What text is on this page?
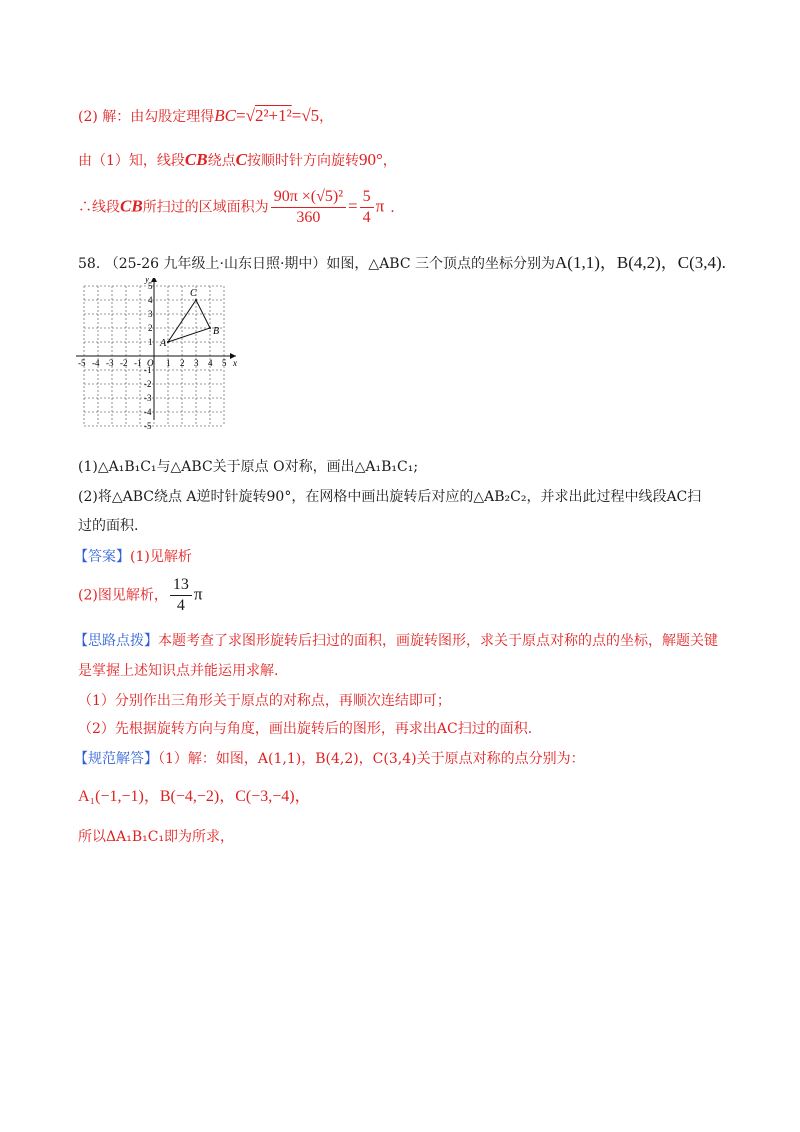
(2) 解：由勾股定理得BC=√2²+1²=√5，
由（1）知，线段CB绕点C按顺时针方向旋转90°，
∴线段CB所扫过的区域面积为 $\frac{\text{90π ×(√5)²}}{360} = \frac{5}{4}$ π .
58. （25-26 九年级上·山东日照·期中）如图，△ABC 三个顶点的坐标分别为A(1,1)，B(4,2)，C(3,4).
x
y
O
-5 -4 -3 -2 -1	1 2 3 4 5
5
4
3
2
1
-1
-2
-3
-4
-5
A
B
C
(1)△A₁B₁C₁与△ABC关于原点 O对称，画出△A₁B₁C₁;
(2)将△ABC绕点 A逆时针旋转90°，在网格中画出旋转后对应的△AB₂C₂，并求出此过程中线段AC扫
过的面积.
【答案】(1)见解析
(2)图见解析， $\frac{13}{4}$ π
【思路点拨】本题考查了求图形旋转后扫过的面积，画旋转图形，求关于原点对称的点的坐标，解题关键
是掌握上述知识点并能运用求解.
（1）分别作出三角形关于原点的对称点，再顺次连结即可；
（2）先根据旋转方向与角度，画出旋转后的图形，再求出AC扫过的面积.
【规范解答】（1）解：如图，A(1,1)，B(4,2)，C(3,4)关于原点对称的点分别为：
A₁(−1,−1)，B(−4,−2)，C(−3,−4)，
所以ΔA₁B₁C₁即为所求，
